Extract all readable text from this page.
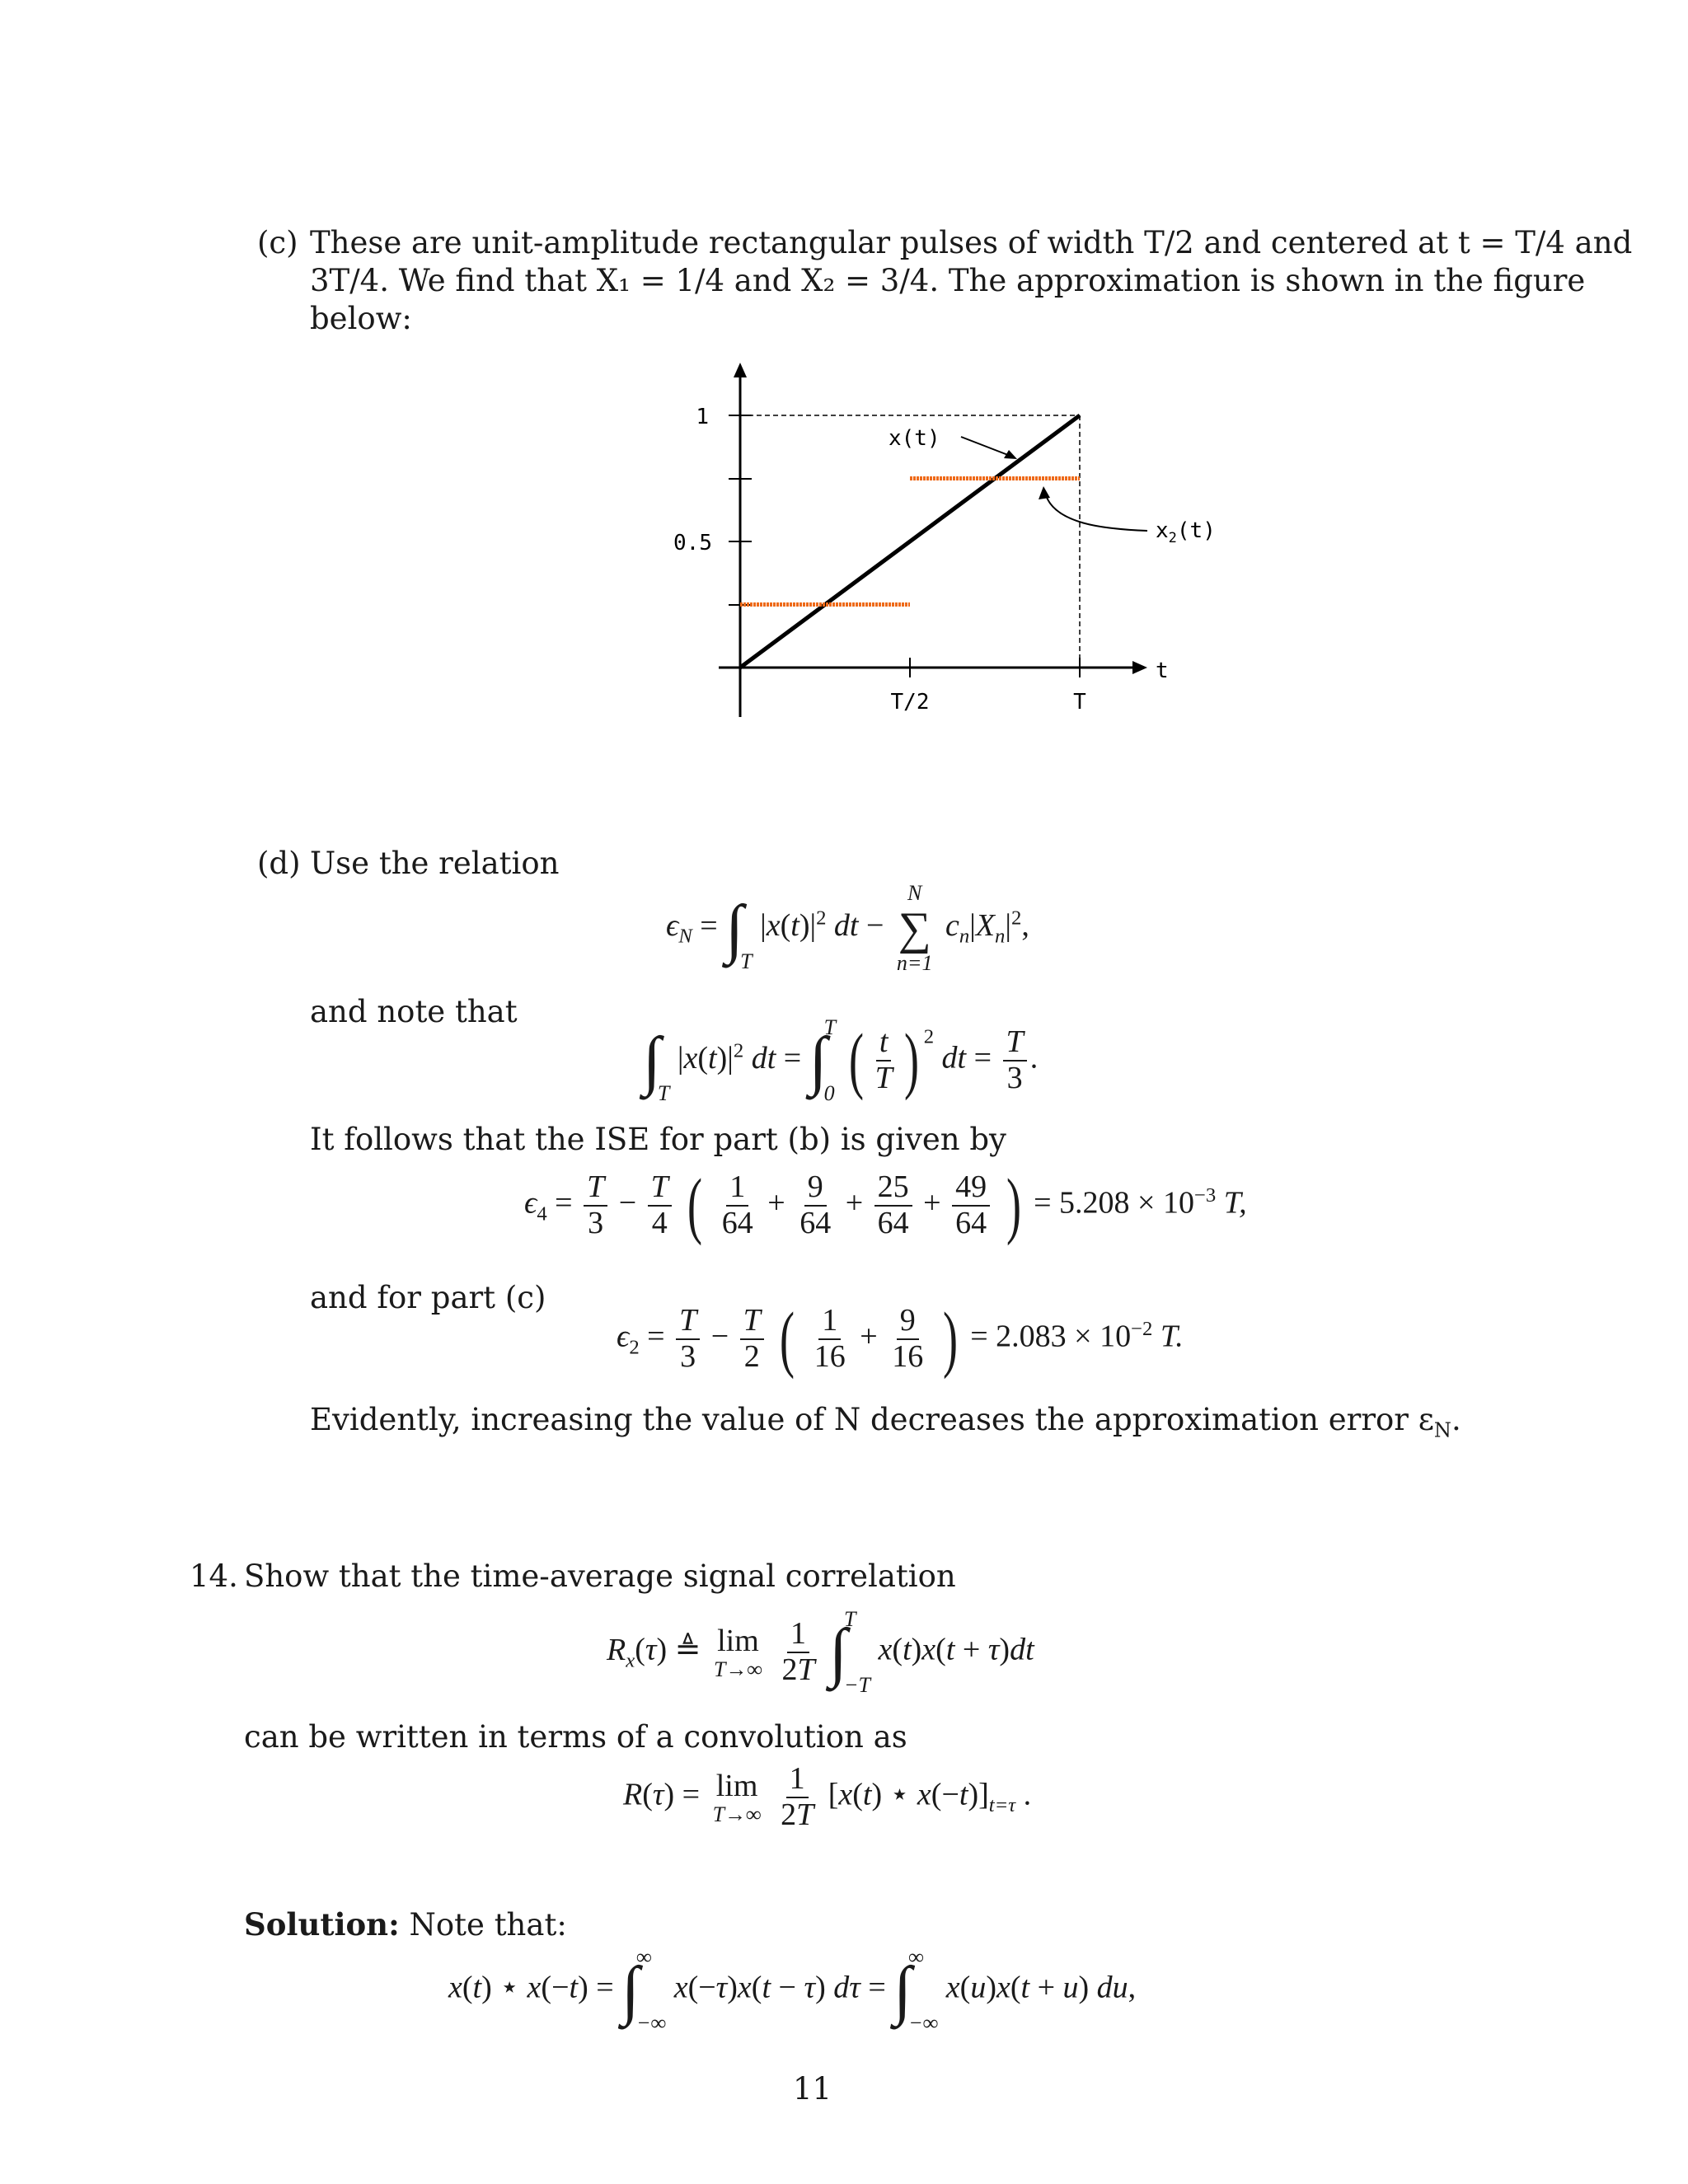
(c) These are unit-amplitude rectangular pulses of width T/2 and centered at t = T/4 and
3T/4. We find that X₁ = 1/4 and X₂ = 3/4. The approximation is shown in the figure
below:
1
0.5
T/2	T
t
x(t)
$x_2(t)$
(d) Use the relation
$\epsilon_N$ = ∫
T
$|x(t)|^2$ dt −
N
∑
n=1
$c_n|X_n|^2$,
and note that
∫
T
$|x(t)|^2$ dt = ∫
T
0 ( $\frac{t}{T}$ ) $^2$ dt = $\frac{T}{3}$ .
It follows that the ISE for part (b) is given by
$\epsilon_4 = \frac{T}{3} - \frac{T}{4}$ ( $\frac{1}{64} + \frac{9}{64} + \frac{25}{64} + \frac{49}{64}$ ) = $5.208 \times 10^{-3}$ T,
and for part (c)
$\epsilon_2 = \frac{T}{3} - \frac{T}{2}$ ( $\frac{1}{16} + \frac{9}{16}$ ) = $2.083 \times 10^{-2}$ T.
Evidently, increasing the value of N decreases the approximation error $\varepsilon_N$.
14. Show that the time-average signal correlation
$R_x(\tau)$ ≜ lim
T→∞
$\frac{1}{2T}$
∫
T
−T
x(t)x(t + τ)dt
can be written in terms of a convolution as
R(τ) = lim
T→∞
$\frac{1}{2T} [x(t)$ ⋆ $x(-t)]_{t=\tau}$ .
Solution: Note that:
x(t) ⋆ x(−t) = ∫
∞
−∞
x(−τ)x(t − τ) dτ = ∫
∞
−∞
x(u)x(t + u) du,
11
